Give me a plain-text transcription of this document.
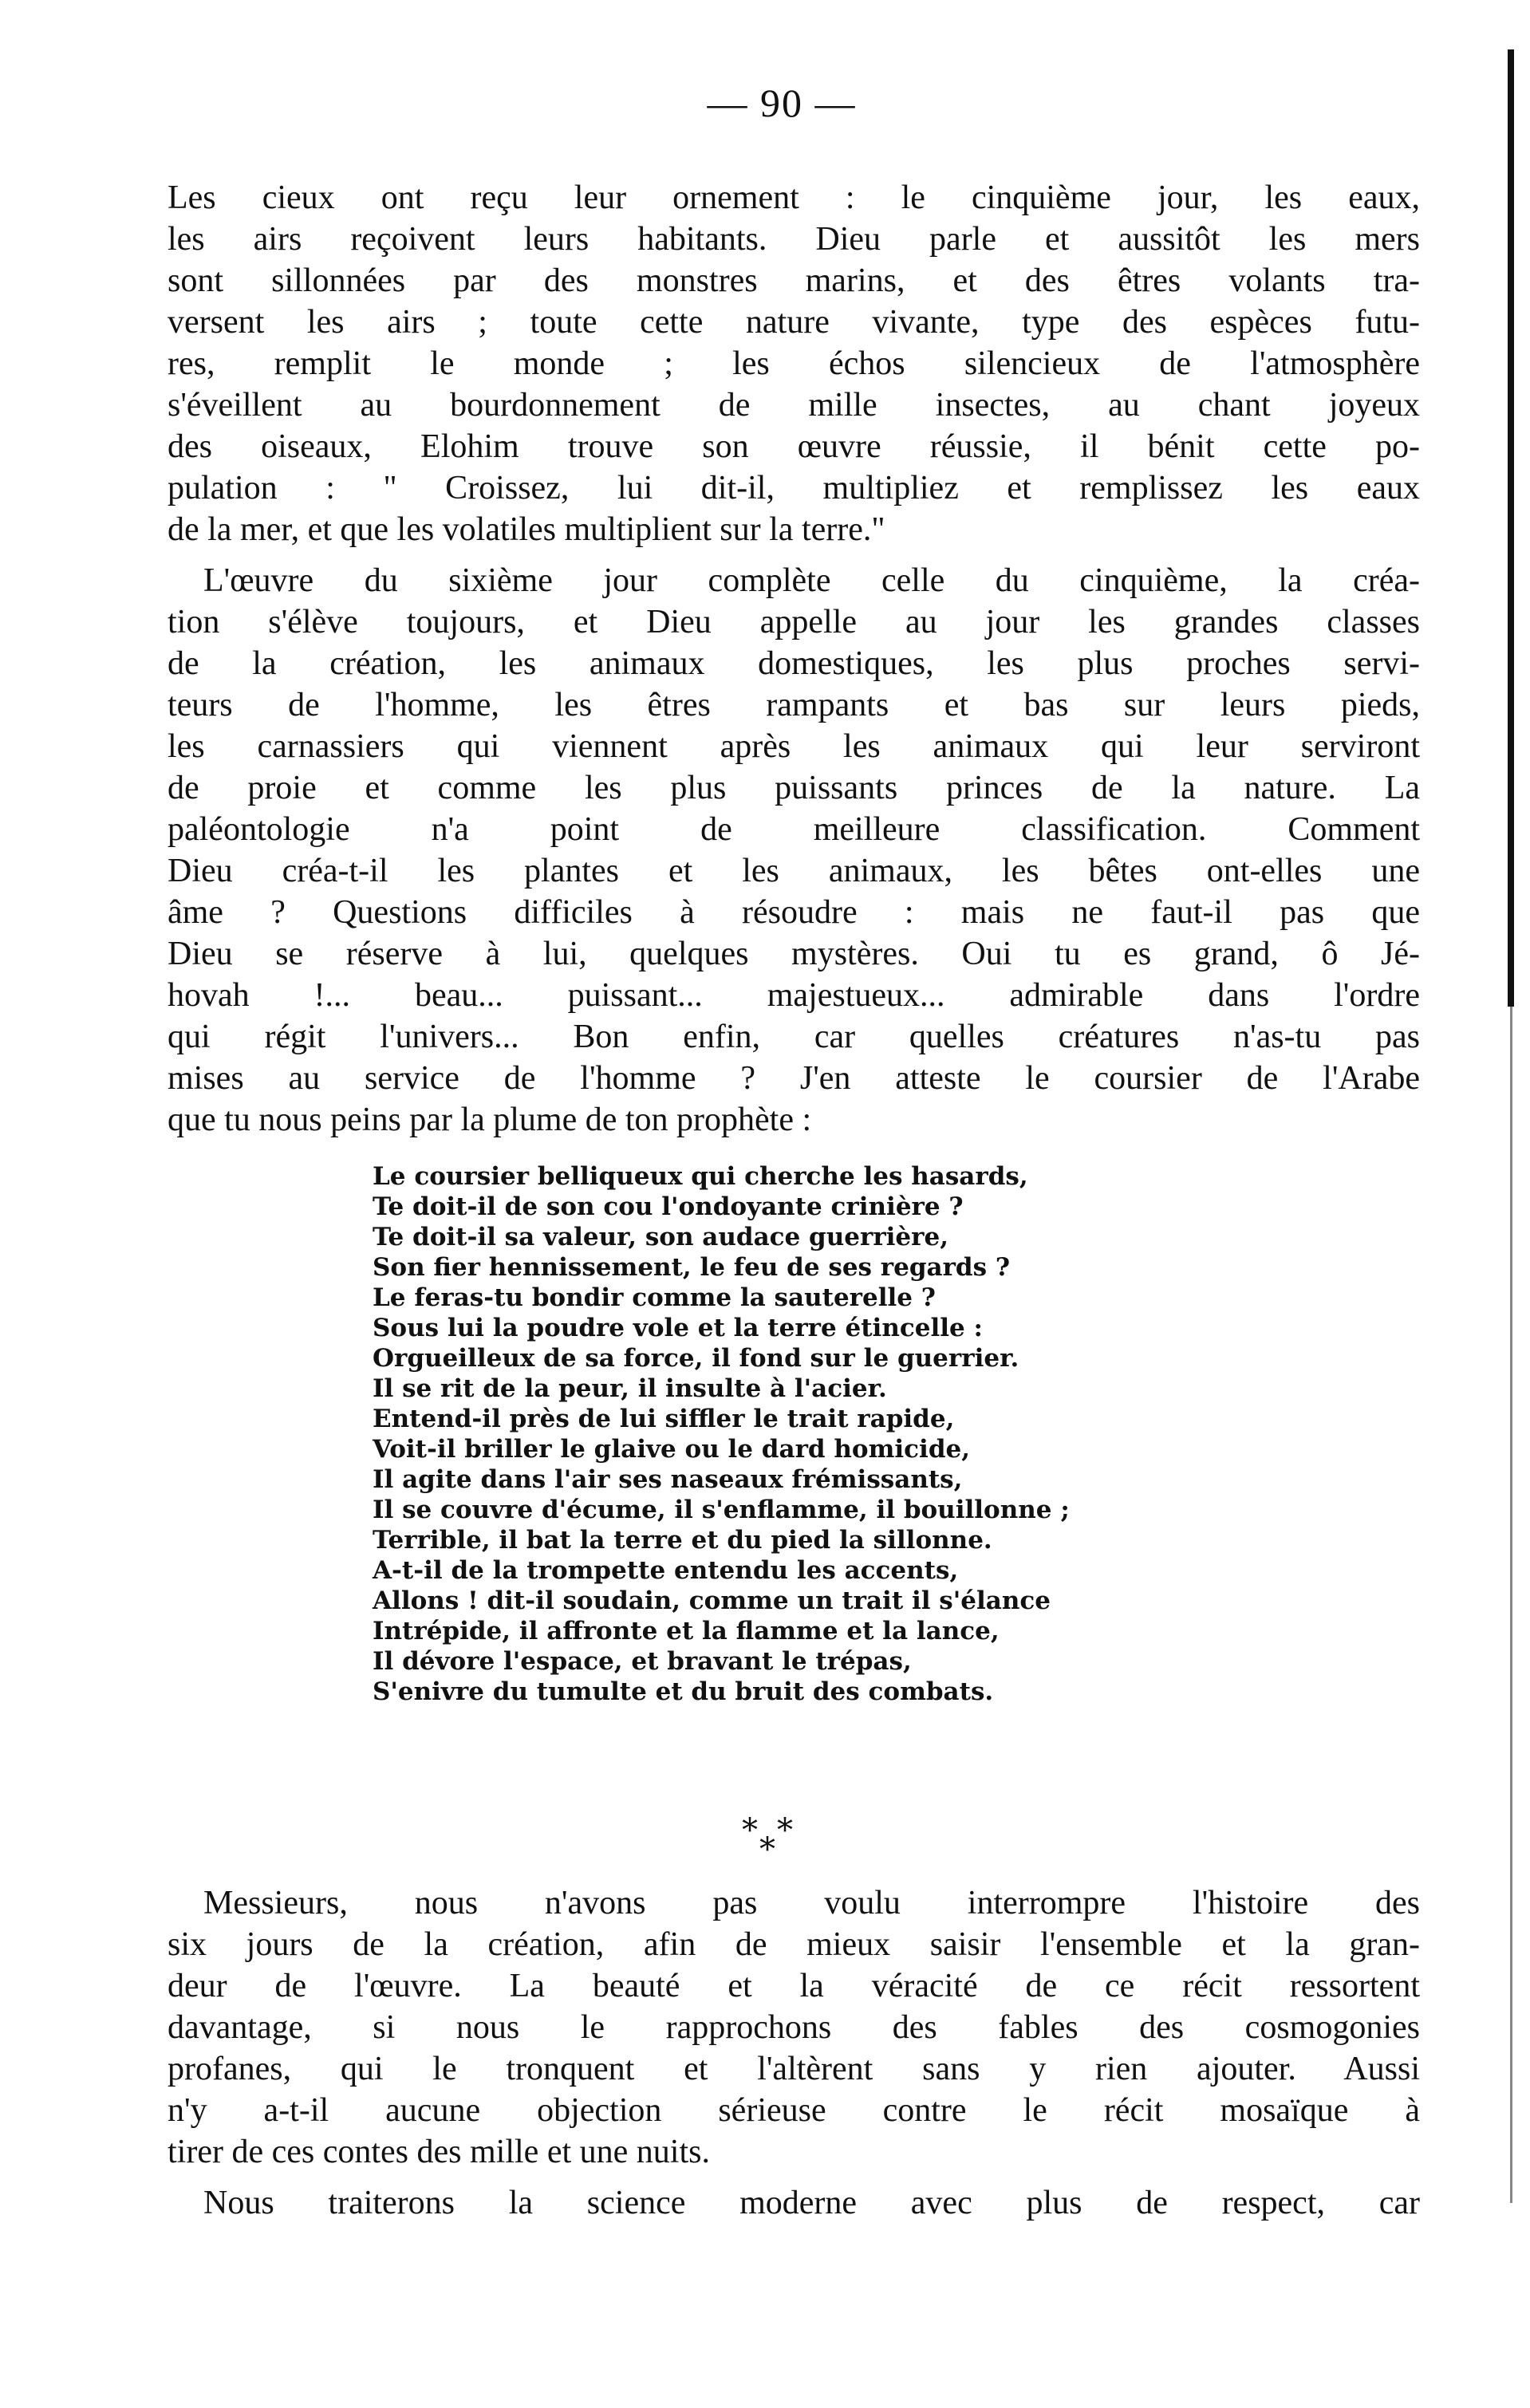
— 90 —
Les cieux ont reçu leur ornement : le cinquième jour, les eaux,
les airs reçoivent leurs habitants. Dieu parle et aussitôt les mers
sont sillonnées par des monstres marins, et des êtres volants tra-
versent les airs ; toute cette nature vivante, type des espèces futu-
res, remplit le monde ; les échos silencieux de l'atmosphère
s'éveillent au bourdonnement de mille insectes, au chant joyeux
des oiseaux, Elohim trouve son œuvre réussie, il bénit cette po-
pulation : " Croissez, lui dit-il, multipliez et remplissez les eaux
de la mer, et que les volatiles multiplient sur la terre."
L'œuvre du sixième jour complète celle du cinquième, la créa-
tion s'élève toujours, et Dieu appelle au jour les grandes classes
de la création, les animaux domestiques, les plus proches servi-
teurs de l'homme, les êtres rampants et bas sur leurs pieds,
les carnassiers qui viennent après les animaux qui leur serviront
de proie et comme les plus puissants princes de la nature. La
paléontologie n'a point de meilleure classification. Comment
Dieu créa-t-il les plantes et les animaux, les bêtes ont-elles une
âme ? Questions difficiles à résoudre : mais ne faut-il pas que
Dieu se réserve à lui, quelques mystères. Oui tu es grand, ô Jé-
hovah !... beau... puissant... majestueux... admirable dans l'ordre
qui régit l'univers... Bon enfin, car quelles créatures n'as-tu pas
mises au service de l'homme ? J'en atteste le coursier de l'Arabe
que tu nous peins par la plume de ton prophète :
Le coursier belliqueux qui cherche les hasards,
Te doit-il de son cou l'ondoyante crinière ?
Te doit-il sa valeur, son audace guerrière,
Son fier hennissement, le feu de ses regards ?
Le feras-tu bondir comme la sauterelle ?
Sous lui la poudre vole et la terre étincelle :
Orgueilleux de sa force, il fond sur le guerrier.
Il se rit de la peur, il insulte à l'acier.
Entend-il près de lui siffler le trait rapide,
Voit-il briller le glaive ou le dard homicide,
Il agite dans l'air ses naseaux frémissants,
Il se couvre d'écume, il s'enflamme, il bouillonne ;
Terrible, il bat la terre et du pied la sillonne.
A-t-il de la trompette entendu les accents,
Allons ! dit-il soudain, comme un trait il s'élance
Intrépide, il affronte et la flamme et la lance,
Il dévore l'espace, et bravant le trépas,
S'enivre du tumulte et du bruit des combats.
* *
*
Messieurs, nous n'avons pas voulu interrompre l'histoire des
six jours de la création, afin de mieux saisir l'ensemble et la gran-
deur de l'œuvre. La beauté et la véracité de ce récit ressortent
davantage, si nous le rapprochons des fables des cosmogonies
profanes, qui le tronquent et l'altèrent sans y rien ajouter. Aussi
n'y a-t-il aucune objection sérieuse contre le récit mosaïque à
tirer de ces contes des mille et une nuits.
Nous traiterons la science moderne avec plus de respect, car
